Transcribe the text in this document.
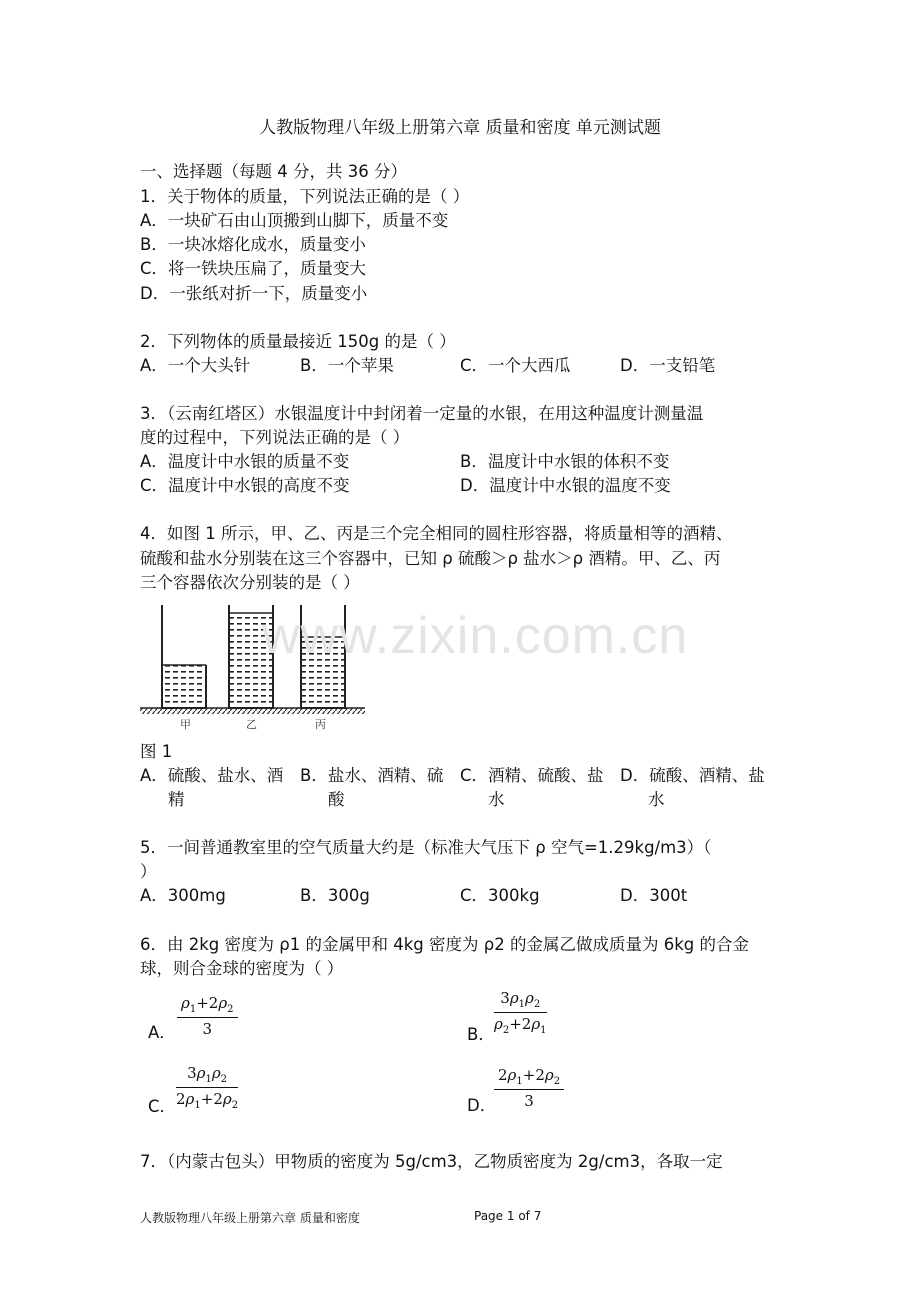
人教版物理八年级上册第六章 质量和密度 单元测试题
一、选择题（每题 4 分，共 36 分）
1．关于物体的质量，下列说法正确的是（ ）
A．一块矿石由山顶搬到山脚下，质量不变
B．一块冰熔化成水，质量变小
C．将一铁块压扁了，质量变大
D．一张纸对折一下，质量变小
2．下列物体的质量最接近 150g 的是（ ）
A．一个大头针	B．一个苹果	C．一个大西瓜	D．一支铅笔
3．（云南红塔区）水银温度计中封闭着一定量的水银，在用这种温度计测量温
度的过程中，下列说法正确的是（ ）
A．温度计中水银的质量不变	B．温度计中水银的体积不变
C．温度计中水银的高度不变	D．温度计中水银的温度不变
4．如图 1 所示，甲、乙、丙是三个完全相同的圆柱形容器，将质量相等的酒精、
硫酸和盐水分别装在这三个容器中，已知 ρ 硫酸＞ρ 盐水＞ρ 酒精。甲、乙、丙
三个容器依次分别装的是（ ）
甲	乙	丙
www.zixin.com.cn
图 1
A．硫酸、盐水、酒
精
B．盐水、酒精、硫
酸
C．酒精、硫酸、盐
水
D．硫酸、酒精、盐
水
5．一间普通教室里的空气质量大约是（标准大气压下 ρ 空气=1.29kg/m3）（
）
A．300mg	B．300g	C．300kg	D．300t
6．由 2kg 密度为 ρ1 的金属甲和 4kg 密度为 ρ2 的金属乙做成质量为 6kg 的合金
球，则合金球的密度为（ ）
A． $\frac{\rho_1+2\rho_2}{3}$	B． $\frac{3\rho_1\rho_2}{\rho_2+2\rho_1}$
C． $\frac{3\rho_1\rho_2}{2\rho_1+2\rho_2}$	D．
$\frac{2\rho_1+2\rho_2}{3}$
7．（内蒙古包头）甲物质的密度为 5g/cm3，乙物质密度为 2g/cm3，各取一定
人教版物理八年级上册第六章 质量和密度	Page 1 of 7
